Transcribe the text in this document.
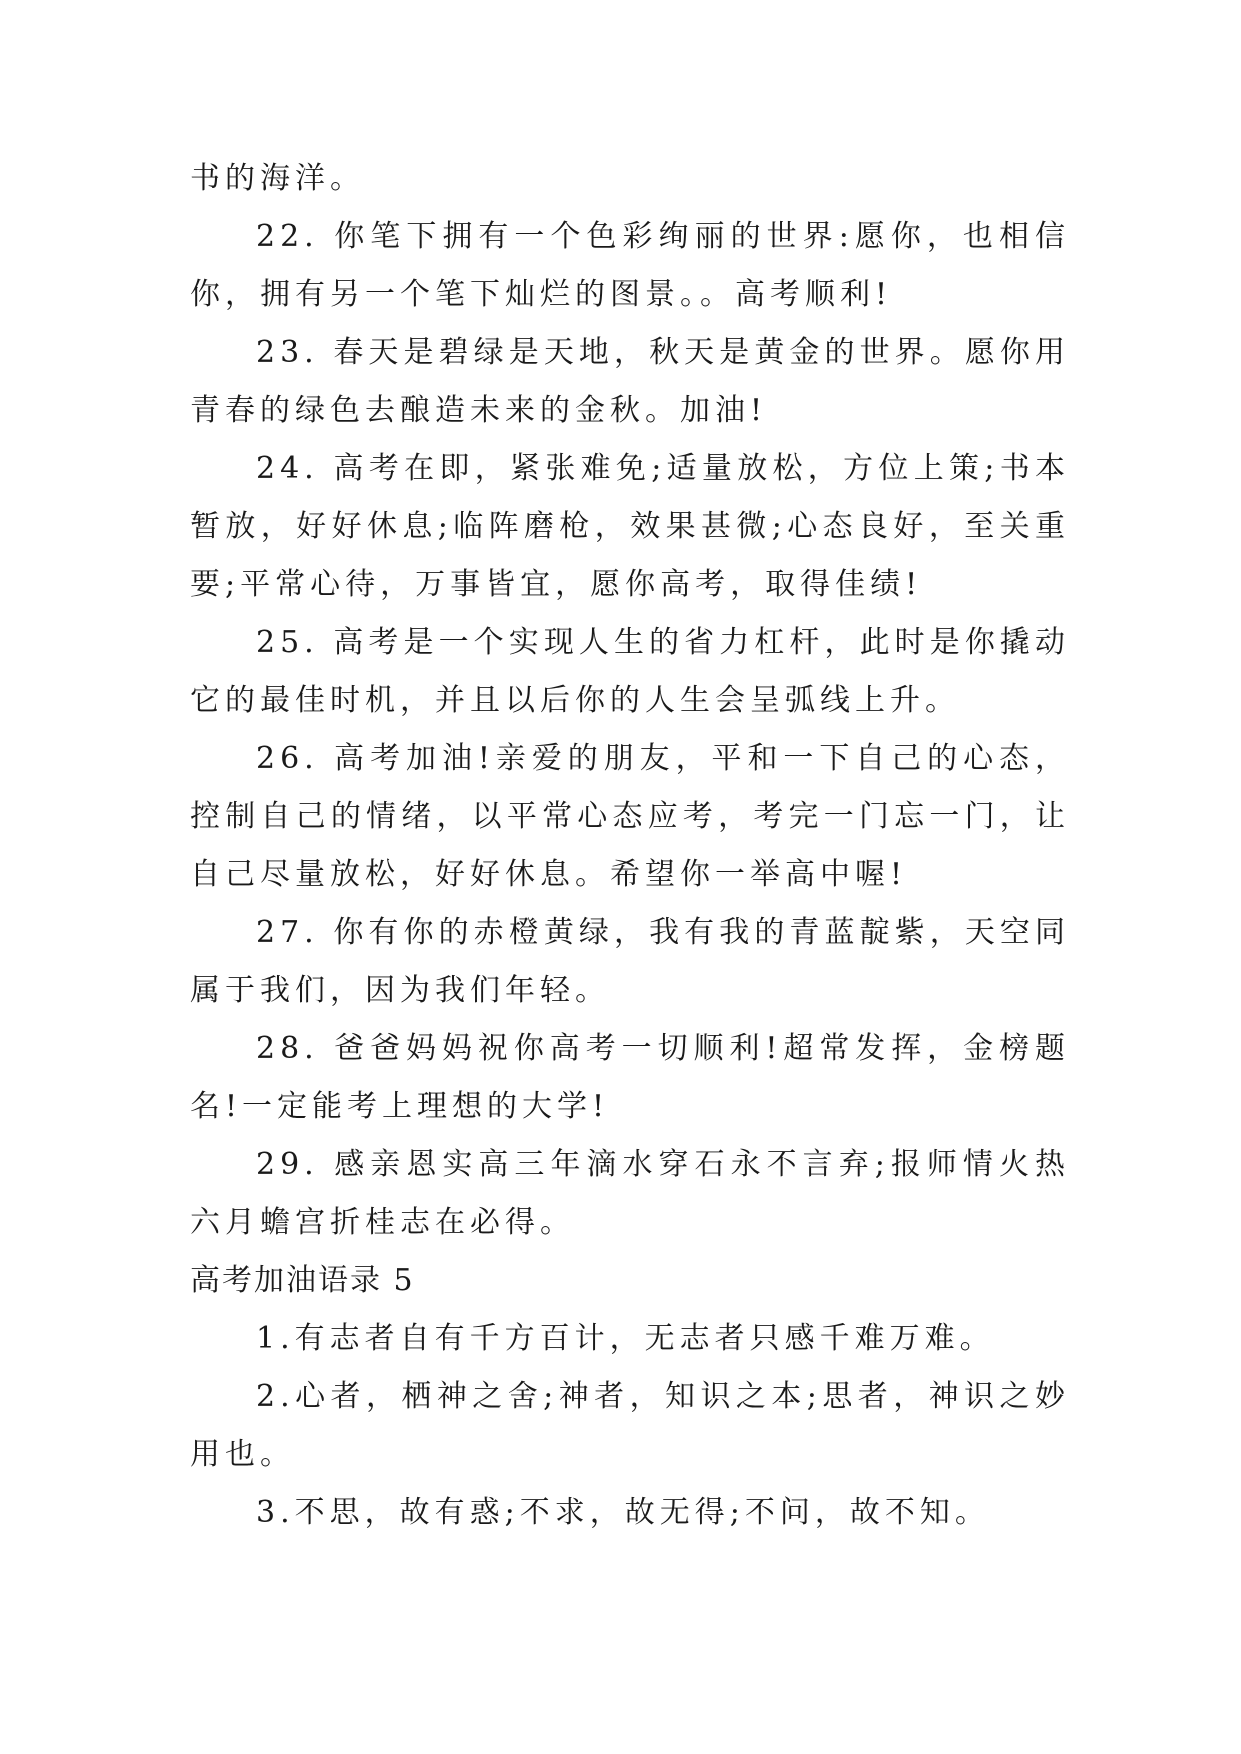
书的海洋。

22. 你笔下拥有一个色彩绚丽的世界:愿你，也相信你，拥有另一个笔下灿烂的图景。。高考顺利!

23. 春天是碧绿是天地，秋天是黄金的世界。愿你用青春的绿色去酿造未来的金秋。加油!

24. 高考在即，紧张难免;适量放松，方位上策;书本暂放，好好休息;临阵磨枪，效果甚微;心态良好，至关重要;平常心待，万事皆宜，愿你高考，取得佳绩!

25. 高考是一个实现人生的省力杠杆，此时是你撬动它的最佳时机，并且以后你的人生会呈弧线上升。

26. 高考加油!亲爱的朋友，平和一下自己的心态，控制自己的情绪，以平常心态应考，考完一门忘一门，让自己尽量放松，好好休息。希望你一举高中喔!

27. 你有你的赤橙黄绿，我有我的青蓝靛紫，天空同属于我们，因为我们年轻。

28. 爸爸妈妈祝你高考一切顺利!超常发挥，金榜题名!一定能考上理想的大学!

29. 感亲恩实高三年滴水穿石永不言弃;报师情火热六月蟾宫折桂志在必得。

高考加油语录 5

1.有志者自有千方百计，无志者只感千难万难。

2.心者，栖神之舍;神者，知识之本;思者，神识之妙用也。

3.不思，故有惑;不求，故无得;不问，故不知。
